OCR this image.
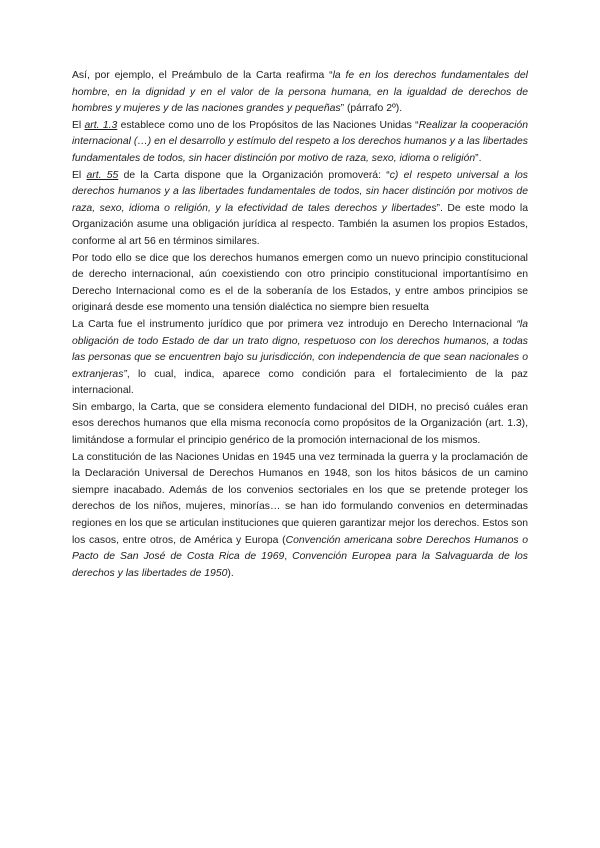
Así, por ejemplo, el Preámbulo de la Carta reafirma “la fe en los derechos fundamentales del hombre, en la dignidad y en el valor de la persona humana, en la igualdad de derechos de hombres y mujeres y de las naciones grandes y pequeñas” (párrafo 2º).

El art. 1.3 establece como uno de los Propósitos de las Naciones Unidas “Realizar la cooperación internacional (…) en el desarrollo y estímulo del respeto a los derechos humanos y a las libertades fundamentales de todos, sin hacer distinción por motivo de raza, sexo, idioma o religión”.

El art. 55 de la Carta dispone que la Organización promoverá: “c) el respeto universal a los derechos humanos y a las libertades fundamentales de todos, sin hacer distinción por motivos de raza, sexo, idioma o religión, y la efectividad de tales derechos y libertades”. De este modo la Organización asume una obligación jurídica al respecto. También la asumen los propios Estados, conforme al art 56 en términos similares.

Por todo ello se dice que los derechos humanos emergen como un nuevo principio constitucional de derecho internacional, aún coexistiendo con otro principio constitucional importantísimo en Derecho Internacional como es el de la soberanía de los Estados, y entre ambos principios se originará desde ese momento una tensión dialéctica no siempre bien resuelta

La Carta fue el instrumento jurídico que por primera vez introdujo en Derecho Internacional “la obligación de todo Estado de dar un trato digno, respetuoso con los derechos humanos, a todas las personas que se encuentren bajo su jurisdicción, con independencia de que sean nacionales o extranjeras”, lo cual, indica, aparece como condición para el fortalecimiento de la paz internacional.

Sin embargo, la Carta, que se considera elemento fundacional del DIDH, no precisó cuáles eran esos derechos humanos que ella misma reconocía como propósitos de la Organización (art. 1.3), limitándose a formular el principio genérico de la promoción internacional de los mismos.

La constitución de las Naciones Unidas en 1945 una vez terminada la guerra y la proclamación de la Declaración Universal de Derechos Humanos en 1948, son los hitos básicos de un camino siempre inacabado. Además de los convenios sectoriales en los que se pretende proteger los derechos de los niños, mujeres, minorías… se han ido formulando convenios en determinadas regiones en los que se articulan instituciones que quieren garantizar mejor los derechos. Estos son los casos, entre otros, de América y Europa (Convención americana sobre Derechos Humanos o Pacto de San José de Costa Rica de 1969, Convención Europea para la Salvaguarda de los derechos y las libertades de 1950).
